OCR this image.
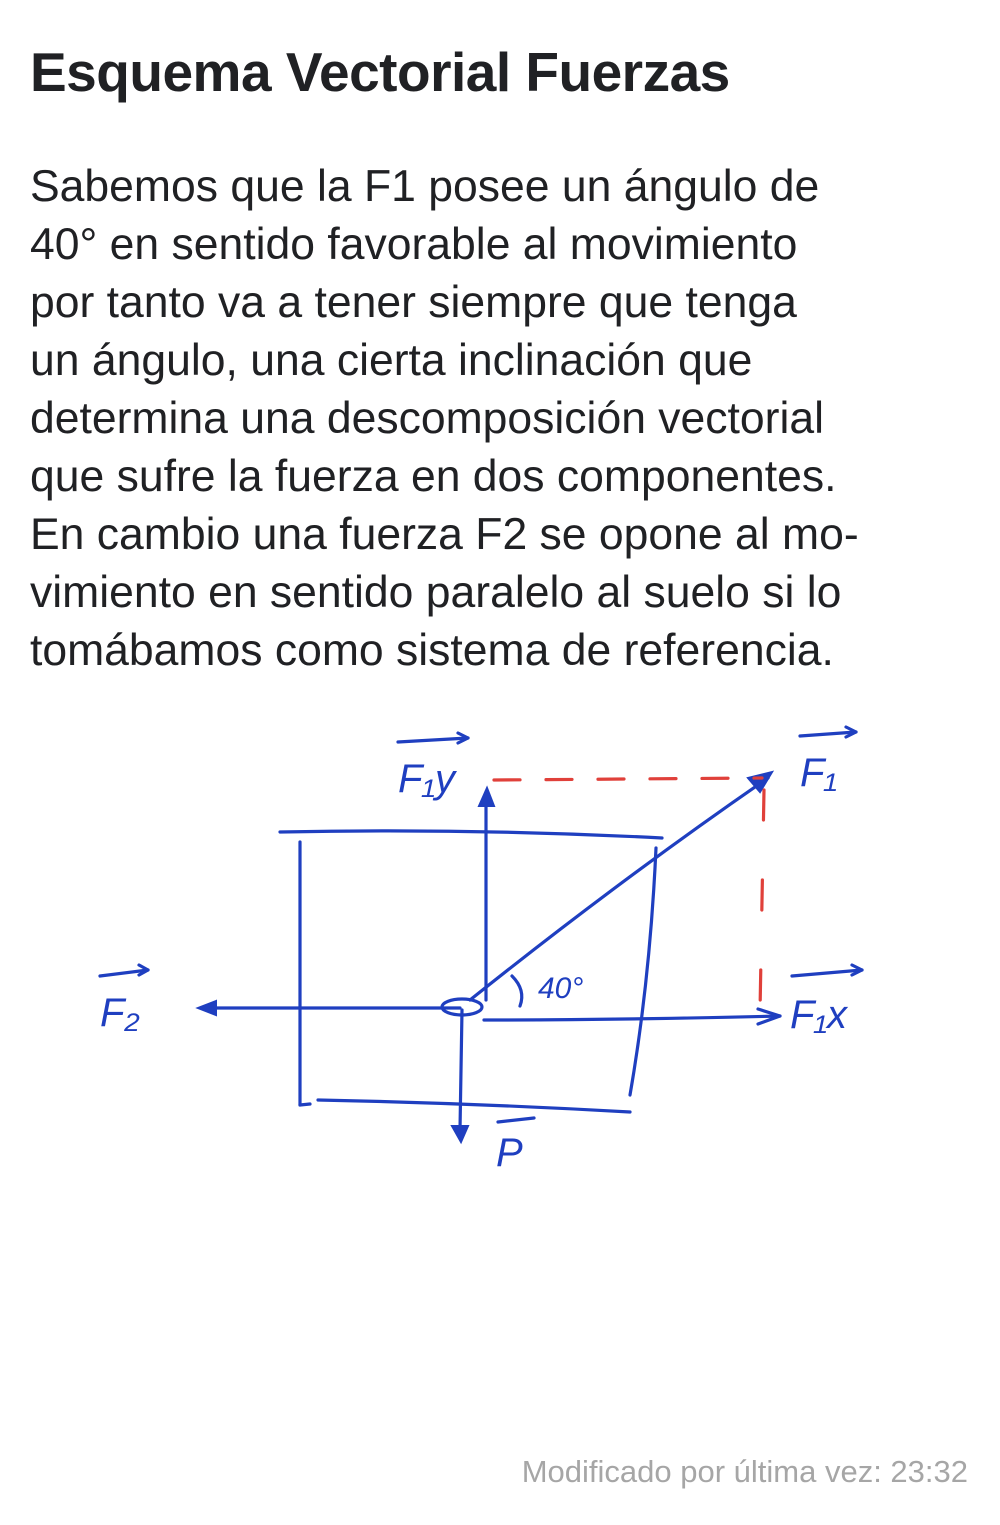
Esquema Vectorial Fuerzas
Sabemos que la F1 posee un ángulo de
40° en sentido favorable al movimiento
por tanto va a tener siempre que tenga
un ángulo, una cierta inclinación que
determina una descomposición vectorial
que sufre la fuerza en dos componentes.
En cambio una fuerza F2 se opone al mo-
vimiento en sentido paralelo al suelo si lo
tomábamos como sistema de referencia.
F₁y	F₁
F₂	F₁x
P
40°
Modificado por última vez: 23:32
